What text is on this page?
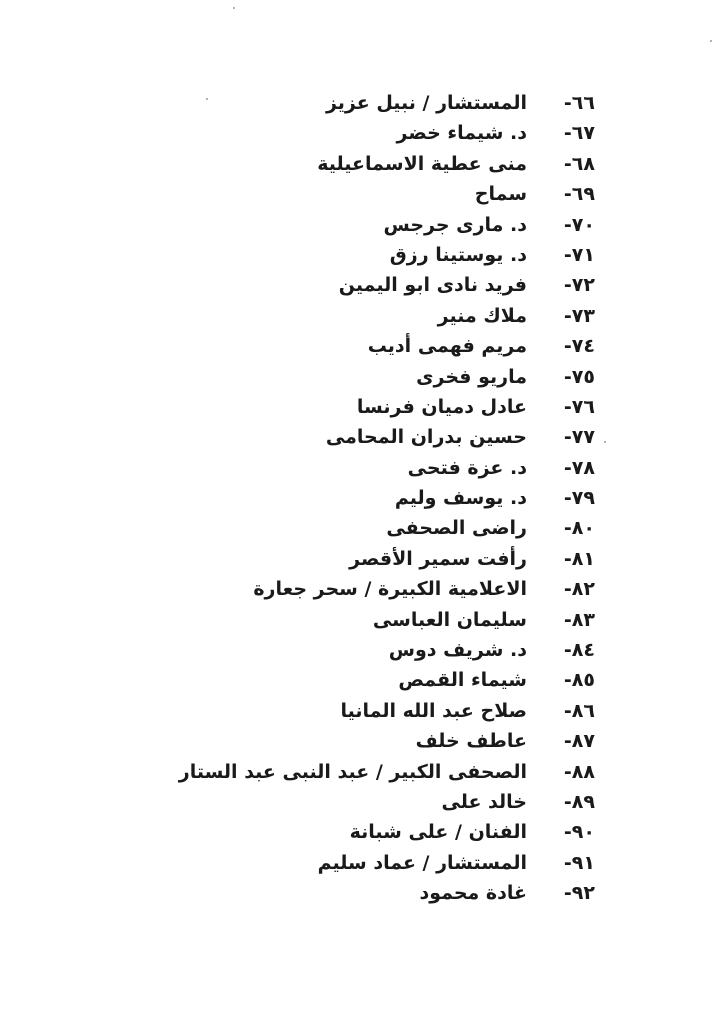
٦٦-
المستشار / نبيل عزيز
٦٧-
د. شيماء خضر
٦٨-
منى عطية الاسماعيلية
٦٩-
سماح
٧٠-
د. مارى جرجس
٧١-
د. يوستينا رزق
٧٢-
فريد نادى ابو اليمين
٧٣-
ملاك منير
٧٤-
مريم فهمى أديب
٧٥-
ماريو فخرى
٧٦-
عادل دميان فرنسا
٧٧-
حسين بدران المحامى
٧٨-
د. عزة فتحى
٧٩-
د. يوسف وليم
٨٠-
راضى الصحفى
٨١-
رأفت سمير الأقصر
٨٢-
الاعلامية الكبيرة / سحر جعارة
٨٣-
سليمان العباسى
٨٤-
د. شريف دوس
٨٥-
شيماء القمص
٨٦-
صلاح عبد الله المانيا
٨٧-
عاطف خلف
٨٨-
الصحفى الكبير / عبد النبى عبد الستار
٨٩-
خالد على
٩٠-
الفنان / على شبانة
٩١-
المستشار / عماد سليم
٩٢-
غادة محمود
